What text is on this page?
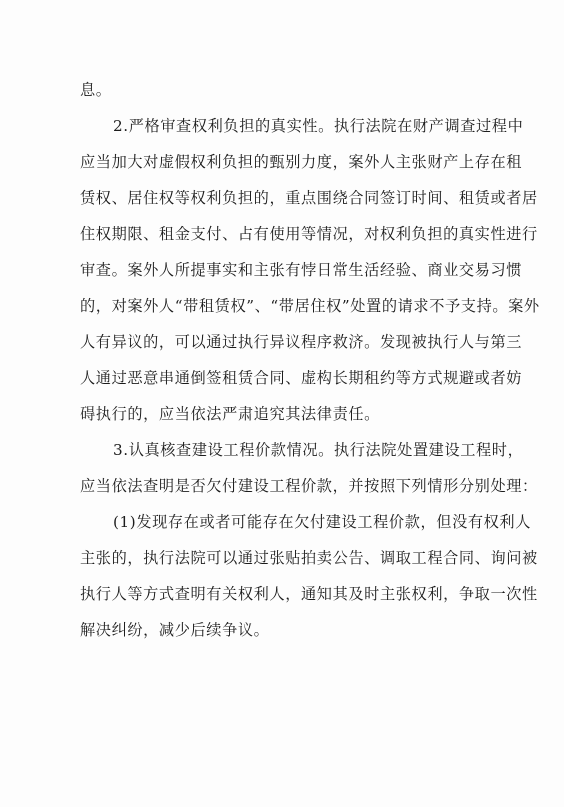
息。
2.严格审查权利负担的真实性。执行法院在财产调查过程中
应当加大对虚假权利负担的甄别力度，案外人主张财产上存在租
赁权、居住权等权利负担的，重点围绕合同签订时间、租赁或者居
住权期限、租金支付、占有使用等情况，对权利负担的真实性进行
审查。案外人所提事实和主张有悖日常生活经验、商业交易习惯
的，对案外人“带租赁权”、“带居住权”处置的请求不予支持。案外
人有异议的，可以通过执行异议程序救济。发现被执行人与第三
人通过恶意串通倒签租赁合同、虚构长期租约等方式规避或者妨
碍执行的，应当依法严肃追究其法律责任。
3.认真核查建设工程价款情况。执行法院处置建设工程时，
应当依法查明是否欠付建设工程价款，并按照下列情形分别处理：
(1)发现存在或者可能存在欠付建设工程价款，但没有权利人
主张的，执行法院可以通过张贴拍卖公告、调取工程合同、询问被
执行人等方式查明有关权利人，通知其及时主张权利，争取一次性
解决纠纷，减少后续争议。
